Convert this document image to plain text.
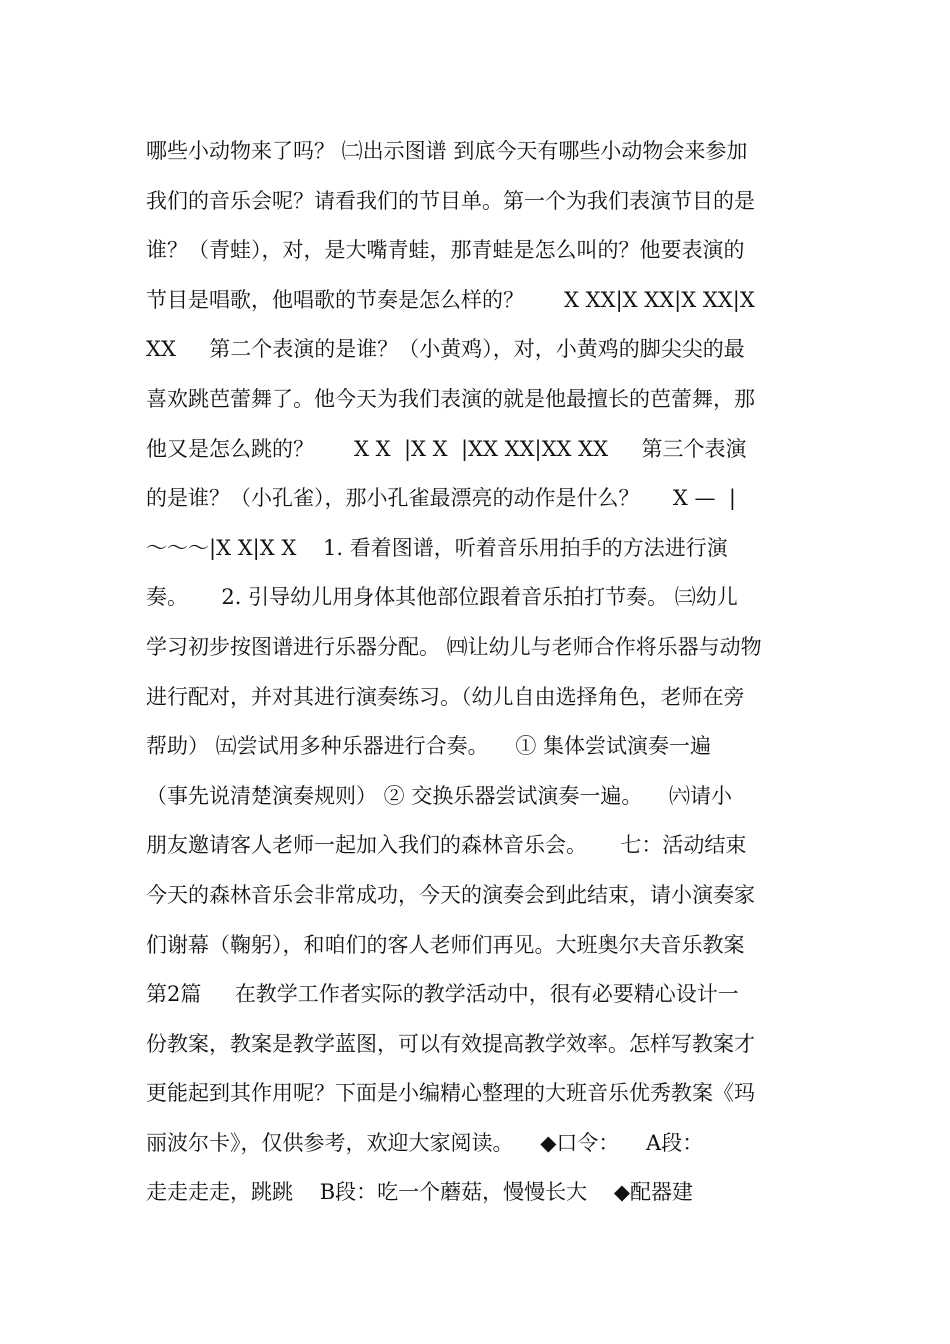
哪些小动物来了吗？ ㈡出示图谱 到底今天有哪些小动物会来参加
我们的音乐会呢？请看我们的节目单。第一个为我们表演节目的是
谁？（青蛙），对，是大嘴青蛙，那青蛙是怎么叫的？他要表演的
节目是唱歌，他唱歌的节奏是怎么样的？      X XX|X XX|X XX|X
XX     第二个表演的是谁？（小黄鸡），对，小黄鸡的脚尖尖的最
喜欢跳芭蕾舞了。他今天为我们表演的就是他最擅长的芭蕾舞，那
他又是怎么跳的？      X X  |X X  |XX XX|XX XX     第三个表演
的是谁？（小孔雀），那小孔雀最漂亮的动作是什么？     X —  |
～～～|X X|X X    1. 看着图谱，听着音乐用拍手的方法进行演
奏。     2. 引导幼儿用身体其他部位跟着音乐拍打节奏。 ㈢幼儿
学习初步按图谱进行乐器分配。 ㈣让幼儿与老师合作将乐器与动物
进行配对，并对其进行演奏练习。（幼儿自由选择角色，老师在旁
帮助） ㈤尝试用多种乐器进行合奏。    ① 集体尝试演奏一遍
（事先说清楚演奏规则） ② 交换乐器尝试演奏一遍。    ㈥请小
朋友邀请客人老师一起加入我们的森林音乐会。     七：活动结束
今天的森林音乐会非常成功，今天的演奏会到此结束，请小演奏家
们谢幕（鞠躬），和咱们的客人老师们再见。大班奥尔夫音乐教案
第2篇     在教学工作者实际的教学活动中，很有必要精心设计一
份教案，教案是教学蓝图，可以有效提高教学效率。怎样写教案才
更能起到其作用呢？下面是小编精心整理的大班音乐优秀教案《玛
丽波尔卡》，仅供参考，欢迎大家阅读。    ◆口令：    A段：
走走走走，跳跳    B段：吃一个蘑菇，慢慢长大    ◆配器建
